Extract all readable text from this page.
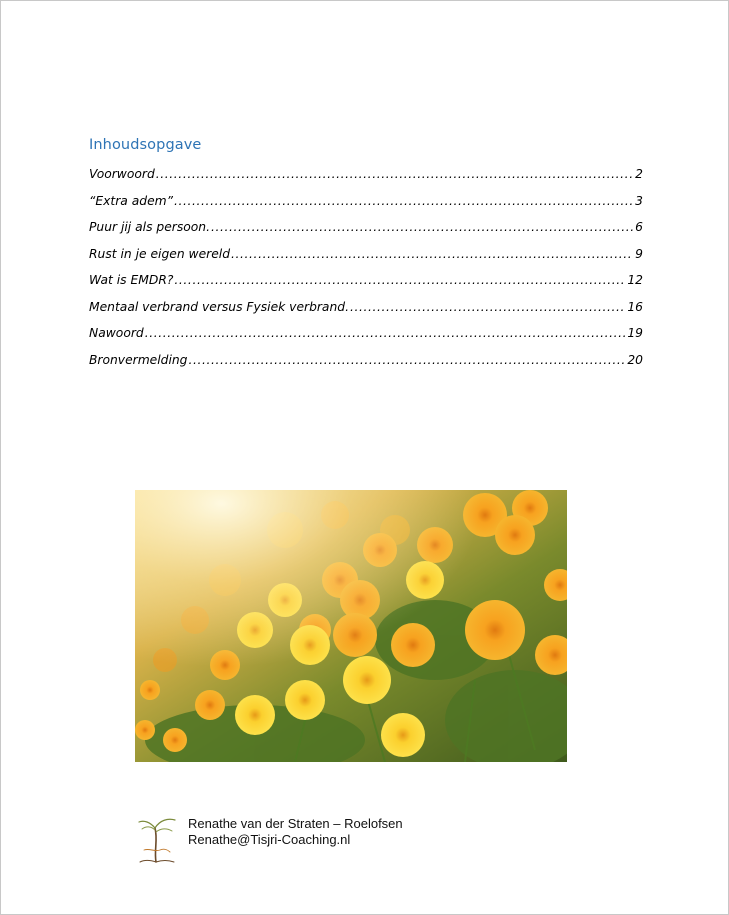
Inhoudsopgave
Voorwoord .....	2
“Extra adem” .....	3
Puur jij als persoon. .....	6
Rust in je eigen wereld .....	9
Wat is EMDR? .....	12
Mentaal verbrand versus Fysiek verbrand. .....	16
Nawoord .....	19
Bronvermelding .....	20
Renathe van der Straten – Roelofsen
Renathe@Tisjri-Coaching.nl
